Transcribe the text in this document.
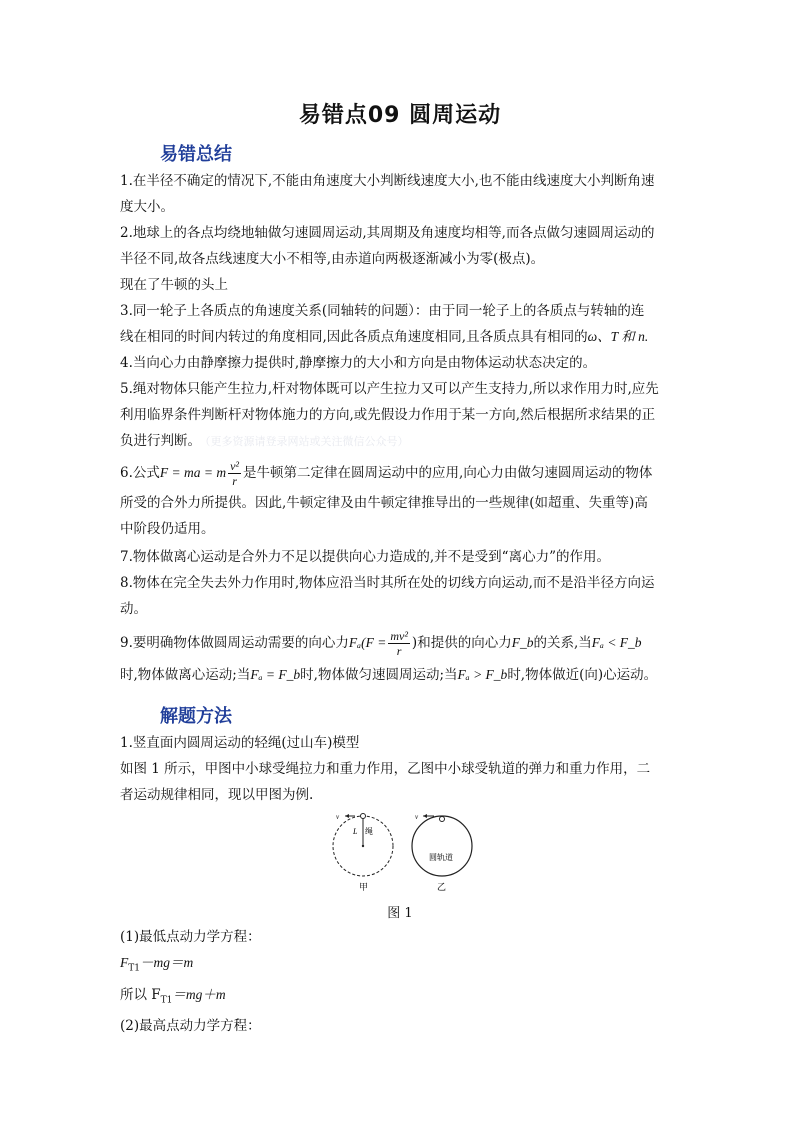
易错点09 圆周运动
易错总结
1.在半径不确定的情况下,不能由角速度大小判断线速度大小,也不能由线速度大小判断角速
度大小。
2.地球上的各点均绕地轴做匀速圆周运动,其周期及角速度均相等,而各点做匀速圆周运动的
半径不同,故各点线速度大小不相等,由赤道向两极逐渐减小为零(极点)。
现在了牛顿的头上
3.同一轮子上各质点的角速度关系(同轴转的问题）：由于同一轮子上的各质点与转轴的连
线在相同的时间内转过的角度相同,因此各质点角速度相同,且各质点具有相同的ω、T 和 n.
4.当向心力由静摩擦力提供时,静摩擦力的大小和方向是由物体运动状态决定的。
5.绳对物体只能产生拉力,杆对物体既可以产生拉力又可以产生支持力,所以求作用力时,应先
利用临界条件判断杆对物体施力的方向,或先假设力作用于某一方向,然后根据所求结果的正
负进行判断。 （更多资源请登录网站或关注微信公众号）
6.公式F = ma = m $\frac{\text{v²}}{r}$ 是牛顿第二定律在圆周运动中的应用,向心力由做匀速圆周运动的物体
所受的合外力所提供。因此,牛顿定律及由牛顿定律推导出的一些规律(如超重、失重等)高
中阶段仍适用。
7.物体做离心运动是合外力不足以提供向心力造成的,并不是受到“离心力”的作用。
8.物体在完全失去外力作用时,物体应沿当时其所在处的切线方向运动,而不是沿半径方向运
动。
9.要明确物体做圆周运动需要的向心力$F_a(F = \frac{\text{mv²}}{r}$ )和提供的向心力F_b的关系,当Fₐ < F_b
时,物体做离心运动;当Fₐ = F_b时,物体做匀速圆周运动;当Fₐ > F_b时,物体做近(向)心运动。
解题方法
1.竖直面内圆周运动的轻绳(过山车)模型
如图 1 所示，甲图中小球受绳拉力和重力作用，乙图中小球受轨道的弹力和重力作用，二
者运动规律相同，现以甲图为例.
v
L 绳
甲
v
圆轨道
乙
图 1
(1)最低点动力学方程：
$F_{T1}-mg=m$
所以 $F_{T1}=mg+m$
(2)最高点动力学方程：
